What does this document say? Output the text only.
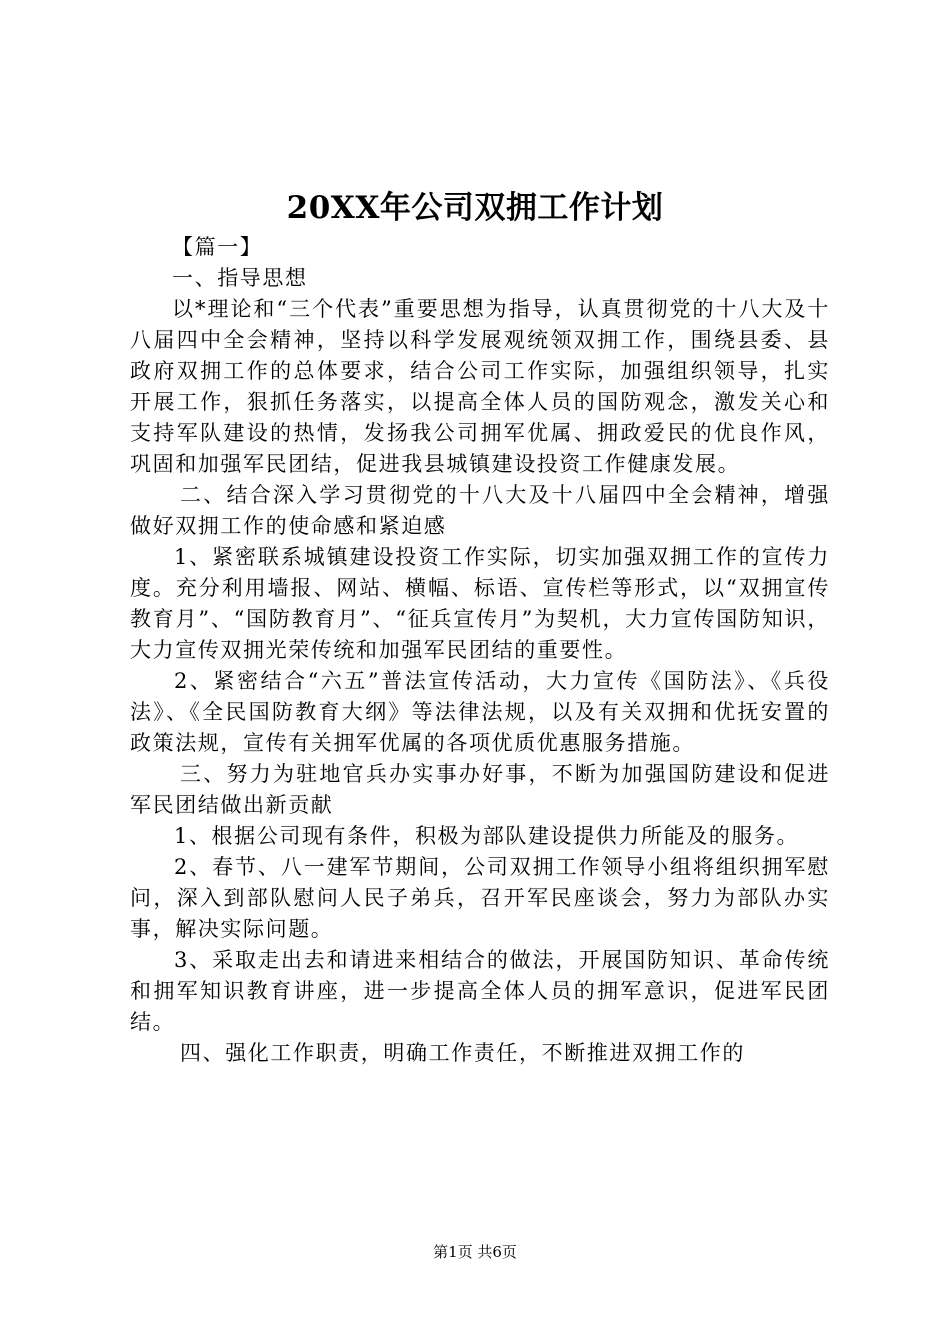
20XX年公司双拥工作计划

【篇一】

一、指导思想

以*理论和“三个代表”重要思想为指导，认真贯彻党的十八大及十八届四中全会精神，坚持以科学发展观统领双拥工作，围绕县委、县政府双拥工作的总体要求，结合公司工作实际，加强组织领导，扎实开展工作，狠抓任务落实，以提高全体人员的国防观念，激发关心和支持军队建设的热情，发扬我公司拥军优属、拥政爱民的优良作风，巩固和加强军民团结，促进我县城镇建设投资工作健康发展。

二、结合深入学习贯彻党的十八大及十八届四中全会精神，增强做好双拥工作的使命感和紧迫感

1、紧密联系城镇建设投资工作实际，切实加强双拥工作的宣传力度。充分利用墙报、网站、横幅、标语、宣传栏等形式，以“双拥宣传教育月”、“国防教育月”、“征兵宣传月”为契机，大力宣传国防知识，大力宣传双拥光荣传统和加强军民团结的重要性。

2、紧密结合“六五”普法宣传活动，大力宣传《国防法》、《兵役法》、《全民国防教育大纲》等法律法规，以及有关双拥和优抚安置的政策法规，宣传有关拥军优属的各项优质优惠服务措施。

三、努力为驻地官兵办实事办好事，不断为加强国防建设和促进军民团结做出新贡献

1、根据公司现有条件，积极为部队建设提供力所能及的服务。

2、春节、八一建军节期间，公司双拥工作领导小组将组织拥军慰问，深入到部队慰问人民子弟兵，召开军民座谈会，努力为部队办实事，解决实际问题。

3、采取走出去和请进来相结合的做法，开展国防知识、革命传统和拥军知识教育讲座，进一步提高全体人员的拥军意识，促进军民团结。

四、强化工作职责，明确工作责任，不断推进双拥工作的

第1页 共6页
